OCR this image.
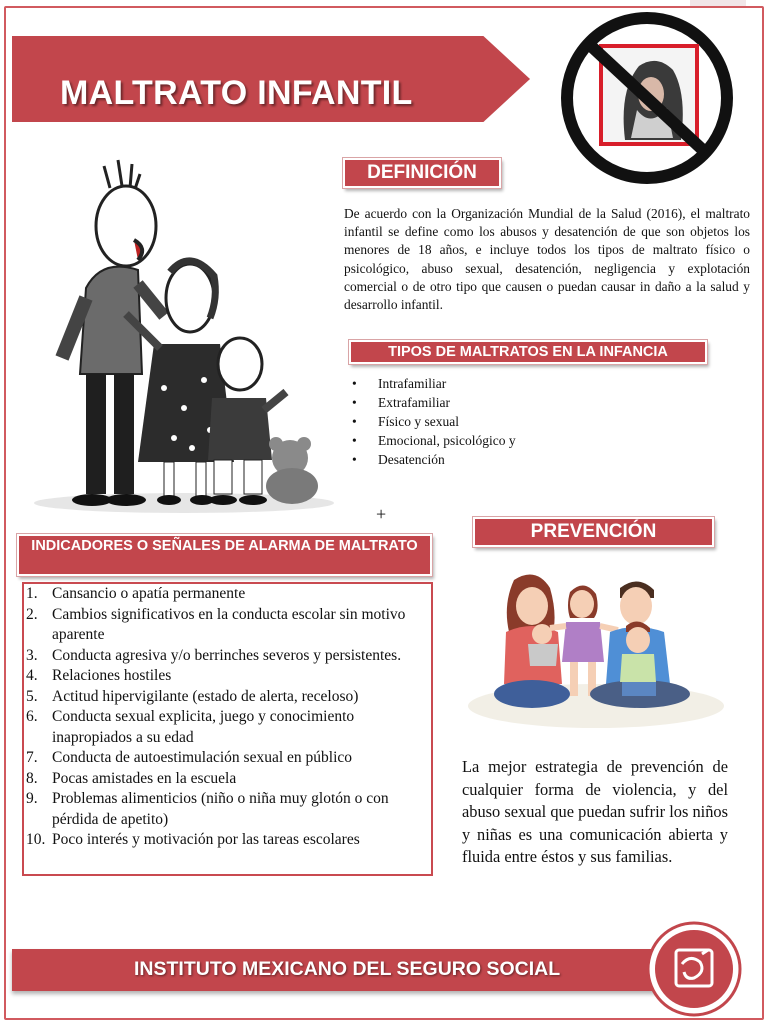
MALTRATO INFANTIL
DEFINICIÓN

De acuerdo con la Organización Mundial de la Salud (2016), el maltrato infantil se define como los abusos y desatención de que son objetos los menores de 18 años, e incluye todos los tipos de maltrato físico o psicológico, abuso sexual, desatención, negligencia y explotación comercial o de otro tipo que causen o puedan causar in daño a la salud y desarrollo infantil.

TIPOS DE MALTRATOS EN LA INFANCIA
• Intrafamiliar
• Extrafamiliar
• Físico y sexual
• Emocional, psicológico y
• Desatención
+
INDICADORES O SEÑALES DE ALARMA DE MALTRATO
1. Cansancio o apatía permanente
2. Cambios significativos en la conducta escolar sin motivo aparente
3. Conducta agresiva y/o berrinches severos y persistentes.
4. Relaciones hostiles
5. Actitud hipervigilante (estado de alerta, receloso)
6. Conducta sexual explicita, juego y conocimiento inapropiados a su edad
7. Conducta de autoestimulación sexual en público
8. Pocas amistades en la escuela
9. Problemas alimenticios (niño o niña muy glotón o con pérdida de apetito)
10. Poco interés y motivación por las tareas escolares
PREVENCIÓN

La mejor estrategia de prevención de cualquier forma de violencia, y del abuso sexual que puedan sufrir los niños y niñas es una comunicación abierta y fluida entre éstos y sus familias.

INSTITUTO MEXICANO DEL SEGURO SOCIAL
